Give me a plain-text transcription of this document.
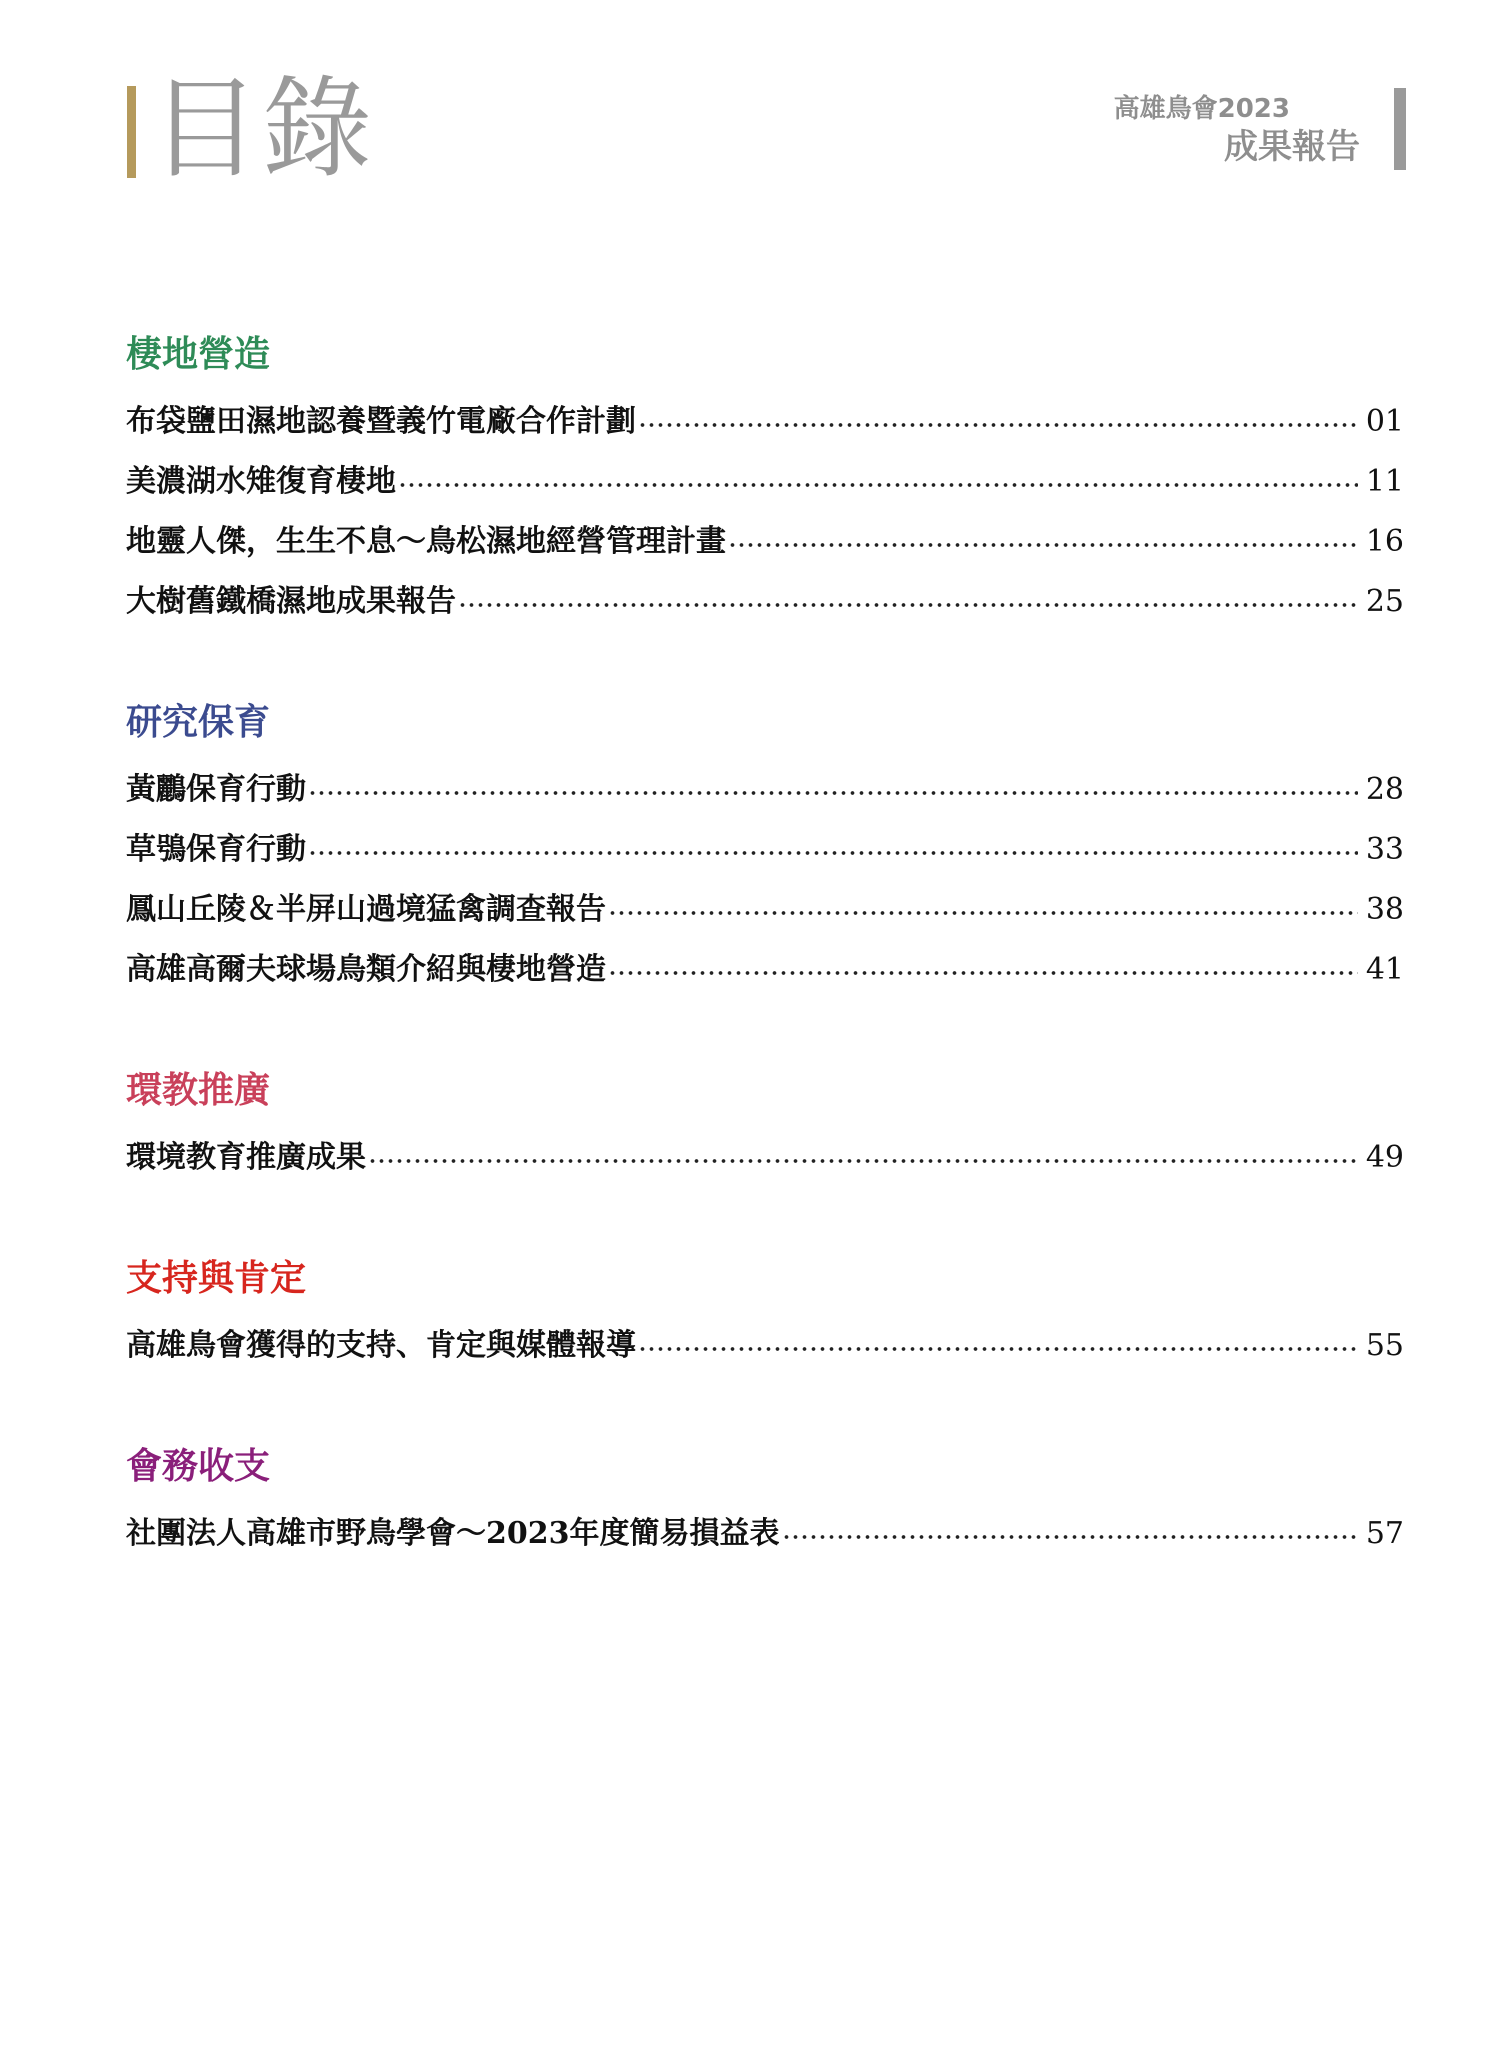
目錄	高雄鳥會2023
成果報告
棲地營造
布袋鹽田濕地認養暨義竹電廠合作計劃	01
美濃湖水雉復育棲地	11
地靈人傑，生生不息～鳥松濕地經營管理計畫	16
大樹舊鐵橋濕地成果報告	25
研究保育
黃鸝保育行動	28
草鴞保育行動	33
鳳山丘陵＆半屏山過境猛禽調查報告	38
高雄高爾夫球場鳥類介紹與棲地營造	41
環教推廣
環境教育推廣成果	49
支持與肯定
高雄鳥會獲得的支持、肯定與媒體報導	55
會務收支
社團法人高雄市野鳥學會～2023年度簡易損益表	57
